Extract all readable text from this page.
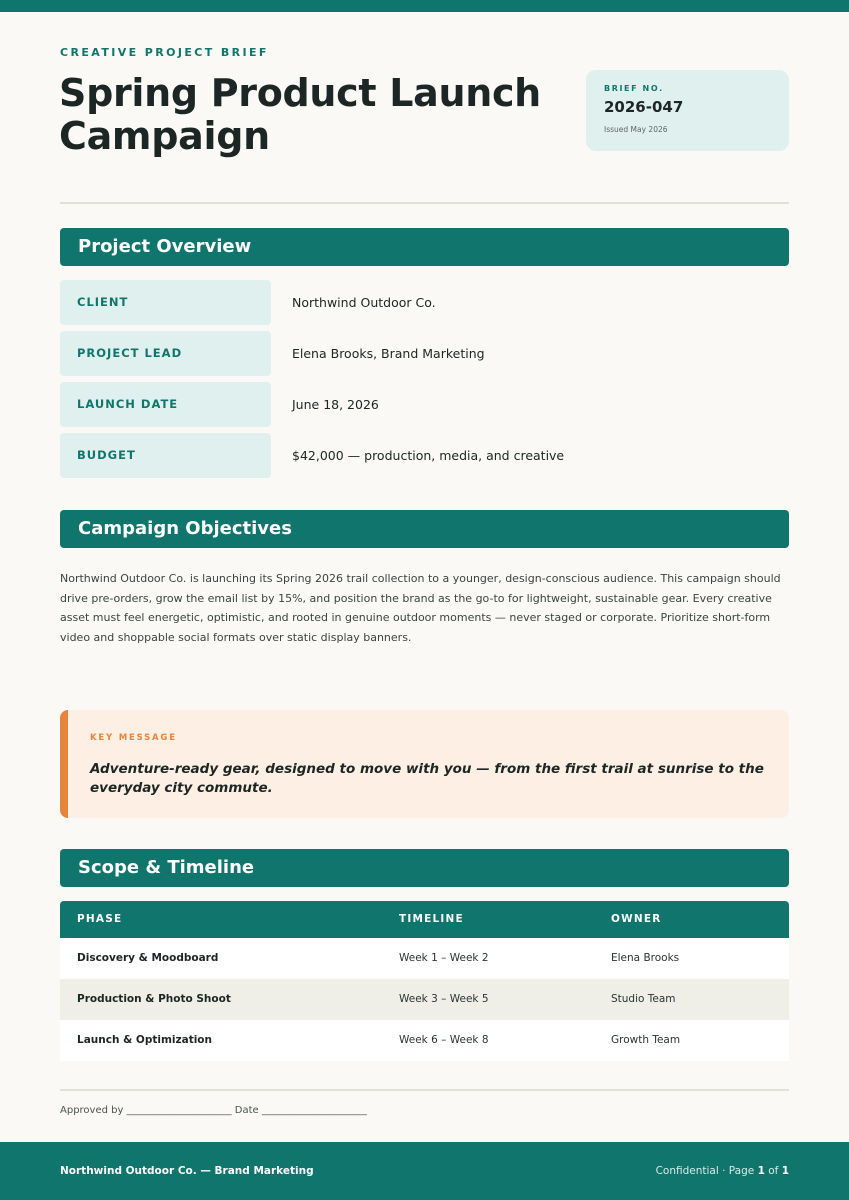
CREATIVE PROJECT BRIEF
Spring Product Launch Campaign
BRIEF NO.
2026-047
Issued May 2026
Project Overview
CLIENT	Northwind Outdoor Co.
PROJECT LEAD	Elena Brooks, Brand Marketing
LAUNCH DATE	June 18, 2026
BUDGET	$42,000 — production, media, and creative
Campaign Objectives
Northwind Outdoor Co. is launching its Spring 2026 trail collection to a younger, design-conscious audience. This campaign should drive pre-orders, grow the email list by 15%, and position the brand as the go-to for lightweight, sustainable gear. Every creative asset must feel energetic, optimistic, and rooted in genuine outdoor moments — never staged or corporate. Prioritize short-form video and shoppable social formats over static display banners.
KEY MESSAGE
Adventure-ready gear, designed to move with you — from the first trail at sunrise to the everyday city commute.
Scope & Timeline
PHASE	TIMELINE	OWNER
Discovery & Moodboard	Week 1 – Week 2	Elena Brooks
Production & Photo Shoot	Week 3 – Week 5	Studio Team
Launch & Optimization	Week 6 – Week 8	Growth Team
Approved by _____________________ Date _____________________
Northwind Outdoor Co. — Brand Marketing	Confidential · Page 1 of 1
